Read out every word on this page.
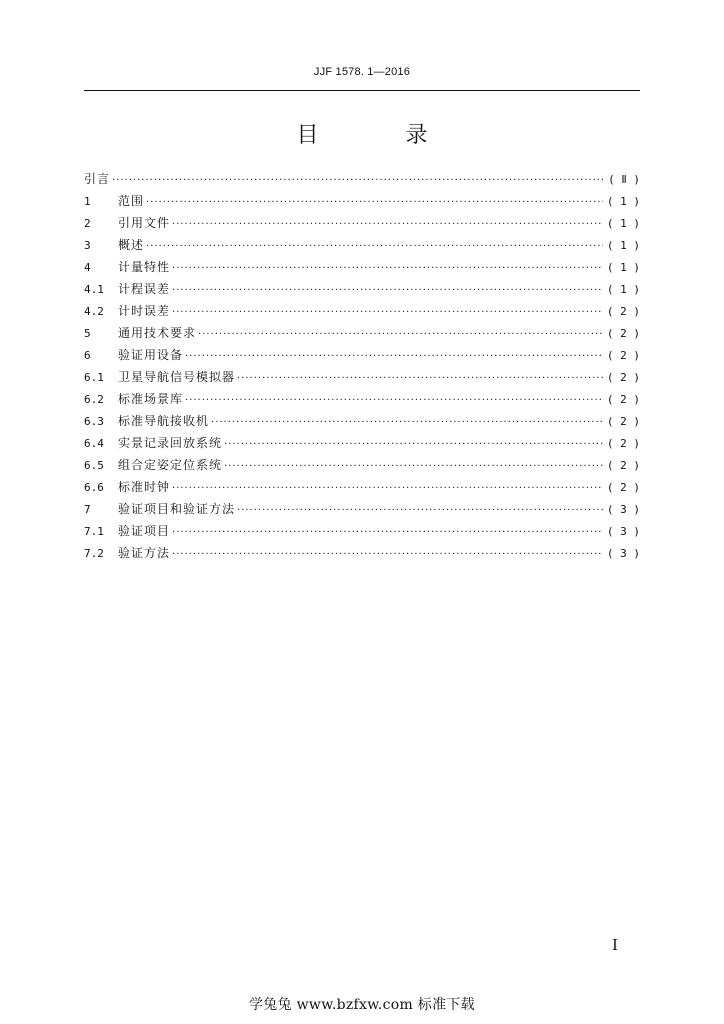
JJF 1578. 1—2016
目 录
引言 ·····	( Ⅱ )
1	范围 ·····	( 1 )
2	引用文件 ·····	( 1 )
3	概述 ·····	( 1 )
4	计量特性 ·····	( 1 )
4.1	计程误差 ·····	( 1 )
4.2	计时误差 ·····	( 2 )
5	通用技术要求 ·····	( 2 )
6	验证用设备 ·····	( 2 )
6.1	卫星导航信号模拟器 ·····	( 2 )
6.2	标准场景库 ·····	( 2 )
6.3	标准导航接收机 ·····	( 2 )
6.4	实景记录回放系统 ·····	( 2 )
6.5	组合定姿定位系统 ·····	( 2 )
6.6	标准时钟 ·····	( 2 )
7	验证项目和验证方法 ·····	( 3 )
7.1	验证项目 ·····	( 3 )
7.2	验证方法 ·····	( 3 )
I
学兔兔 www.bzfxw.com 标准下载
